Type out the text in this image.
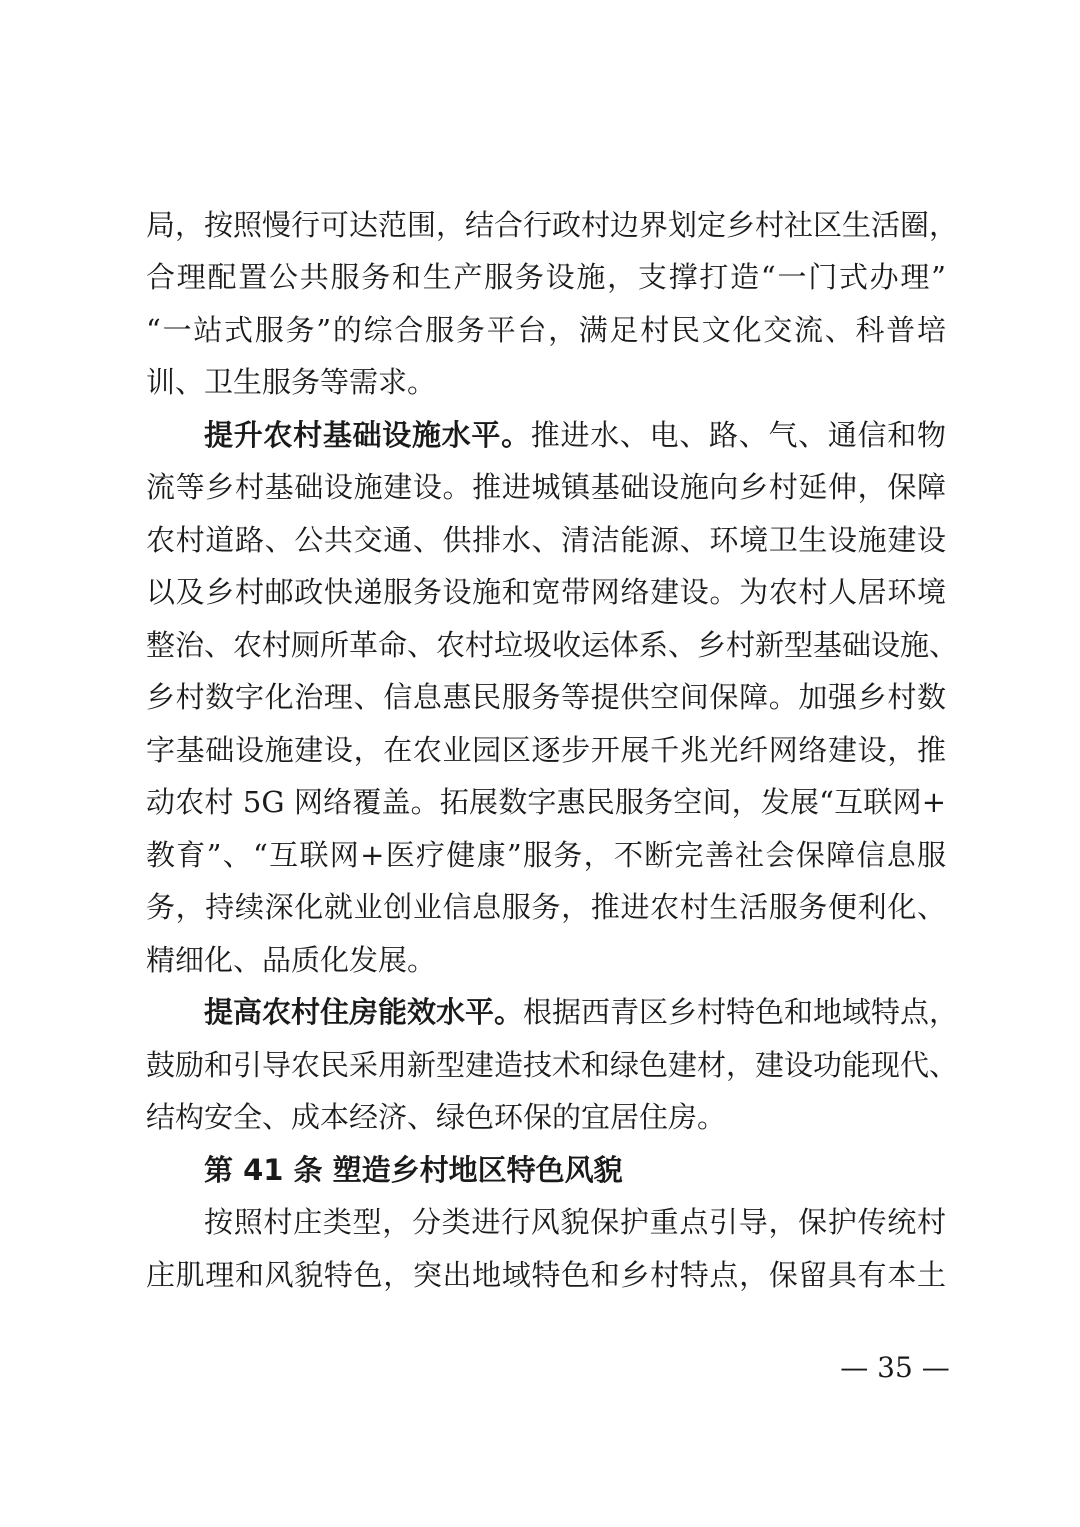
局，按照慢行可达范围，结合行政村边界划定乡村社区生活圈，
合理配置公共服务和生产服务设施，支撑打造“一门式办理”
“一站式服务”的综合服务平台，满足村民文化交流、科普培
训、卫生服务等需求。
提升农村基础设施水平。推进水、电、路、气、通信和物
流等乡村基础设施建设。推进城镇基础设施向乡村延伸，保障
农村道路、公共交通、供排水、清洁能源、环境卫生设施建设
以及乡村邮政快递服务设施和宽带网络建设。为农村人居环境
整治、农村厕所革命、农村垃圾收运体系、乡村新型基础设施、
乡村数字化治理、信息惠民服务等提供空间保障。加强乡村数
字基础设施建设，在农业园区逐步开展千兆光纤网络建设，推
动农村 5G 网络覆盖。拓展数字惠民服务空间，发展“互联网+
教育”、“互联网+医疗健康”服务，不断完善社会保障信息服
务，持续深化就业创业信息服务，推进农村生活服务便利化、
精细化、品质化发展。
提高农村住房能效水平。根据西青区乡村特色和地域特点，
鼓励和引导农民采用新型建造技术和绿色建材，建设功能现代、
结构安全、成本经济、绿色环保的宜居住房。
第 41 条 塑造乡村地区特色风貌
按照村庄类型，分类进行风貌保护重点引导，保护传统村
庄肌理和风貌特色，突出地域特色和乡村特点，保留具有本土
— 35 —
